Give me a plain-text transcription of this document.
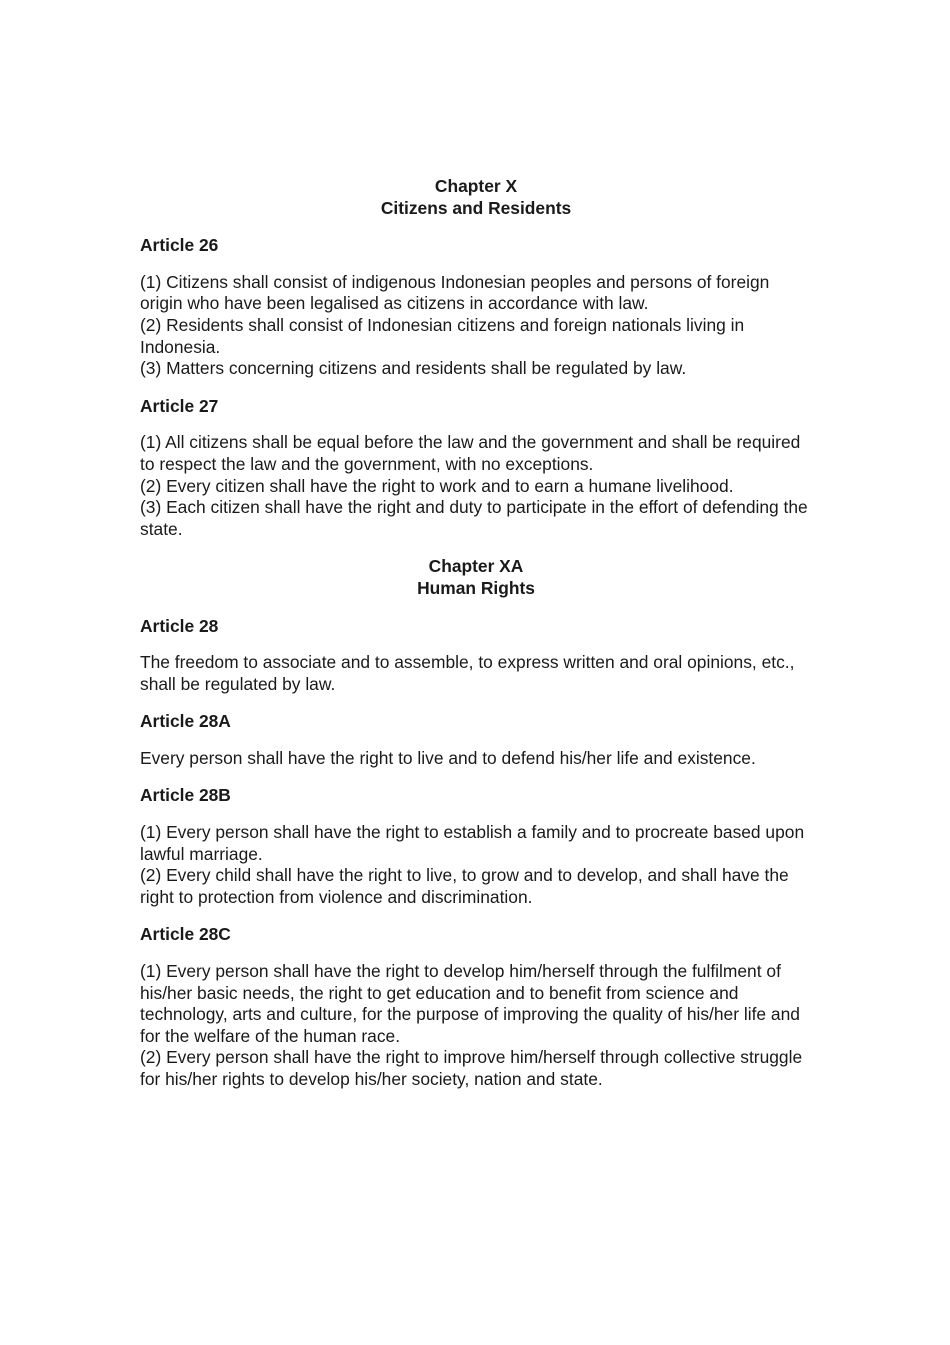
Chapter X
Citizens and Residents
Article 26

(1) Citizens shall consist of indigenous Indonesian peoples and persons of foreign origin who have been legalised as citizens in accordance with law.

(2) Residents shall consist of Indonesian citizens and foreign nationals living in Indonesia.

(3) Matters concerning citizens and residents shall be regulated by law.

Article 27

(1) All citizens shall be equal before the law and the government and shall be required to respect the law and the government, with no exceptions.

(2) Every citizen shall have the right to work and to earn a humane livelihood.

(3) Each citizen shall have the right and duty to participate in the effort of defending the state.

Chapter XA
Human Rights
Article 28

The freedom to associate and to assemble, to express written and oral opinions, etc., shall be regulated by law.

Article 28A

Every person shall have the right to live and to defend his/her life and existence.

Article 28B

(1) Every person shall have the right to establish a family and to procreate based upon lawful marriage.

(2) Every child shall have the right to live, to grow and to develop, and shall have the right to protection from violence and discrimination.

Article 28C

(1) Every person shall have the right to develop him/herself through the fulfilment of his/her basic needs, the right to get education and to benefit from science and technology, arts and culture, for the purpose of improving the quality of his/her life and for the welfare of the human race.

(2) Every person shall have the right to improve him/herself through collective struggle for his/her rights to develop his/her society, nation and state.
